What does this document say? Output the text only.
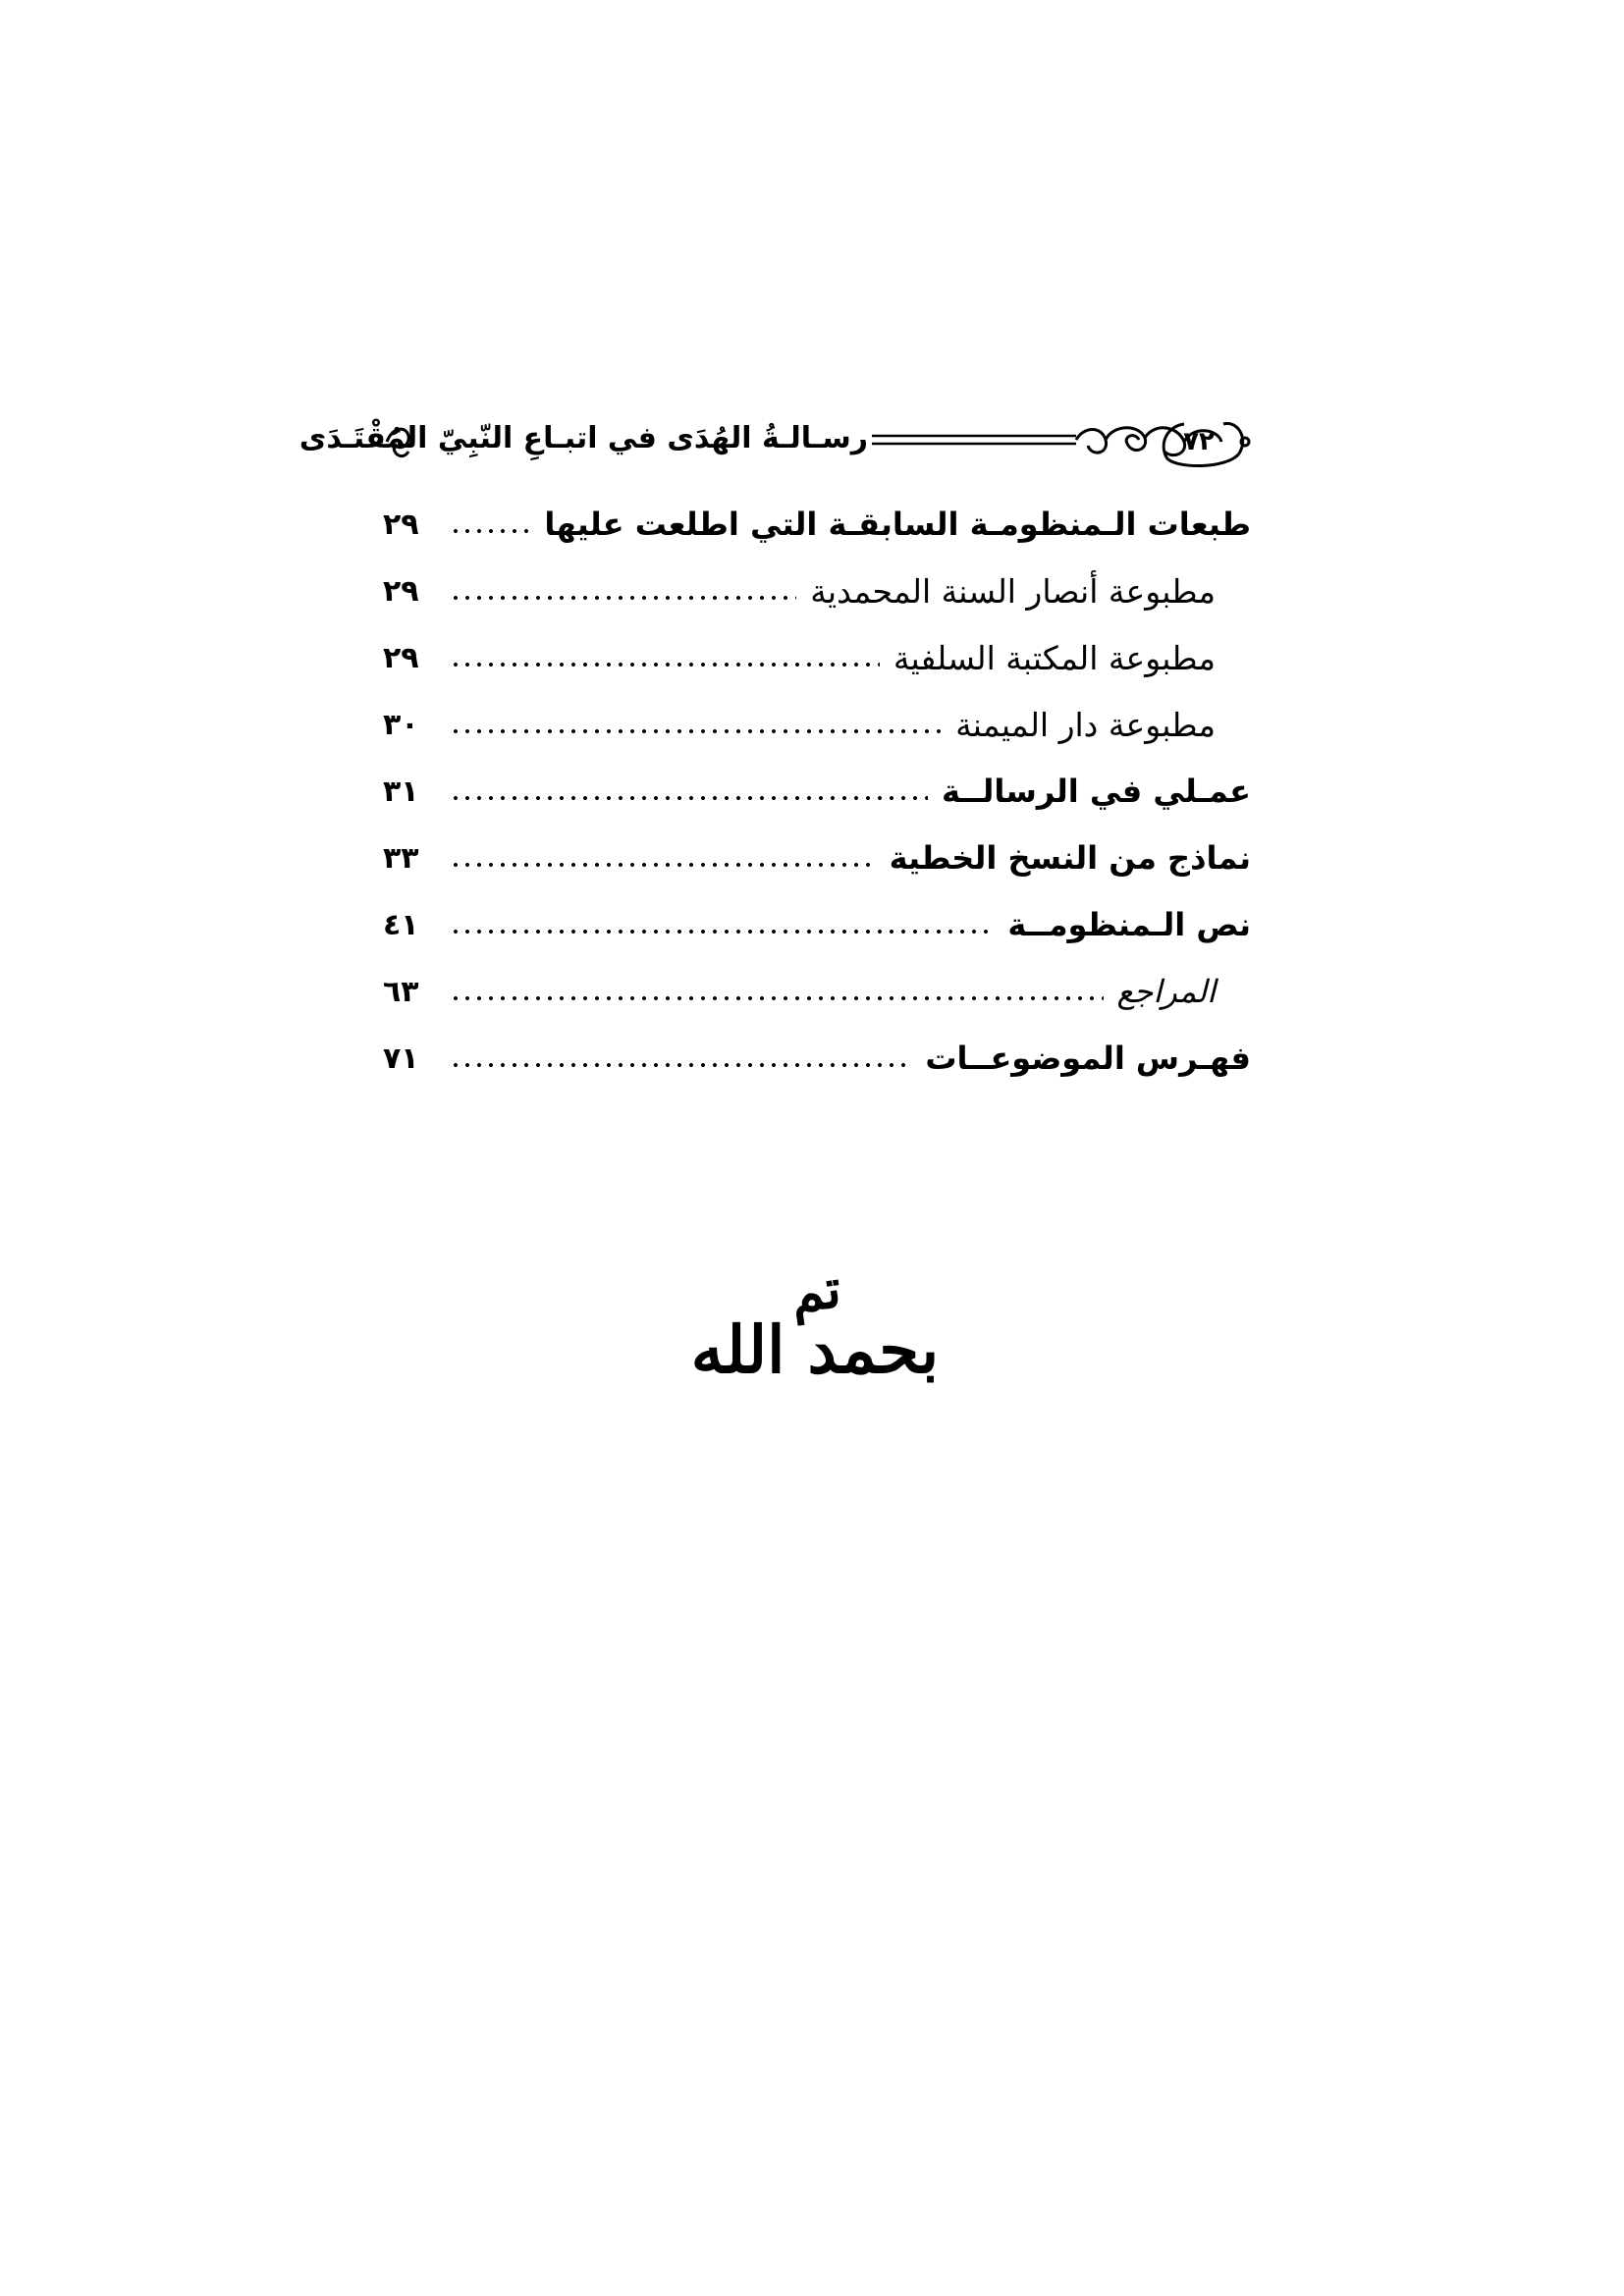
رسـالـةُ الهُدَى في اتبـاعِ النّبِيّ المُقْتَـدَى	٧٢
طبعات الـمنظومـة السابقـة التي اطلعت عليها
٢٩
مطبوعة أنصار السنة المحمدية
٢٩
مطبوعة المكتبة السلفية
٢٩
مطبوعة دار الميمنة
٣٠
عمـلي في الرسالــة
٣١
نماذج من النسخ الخطية
٣٣
نص الـمنظومــة
٤١
المراجع
٦٣
فهـرس الموضوعــات
٧١
تم
بحمد الله
